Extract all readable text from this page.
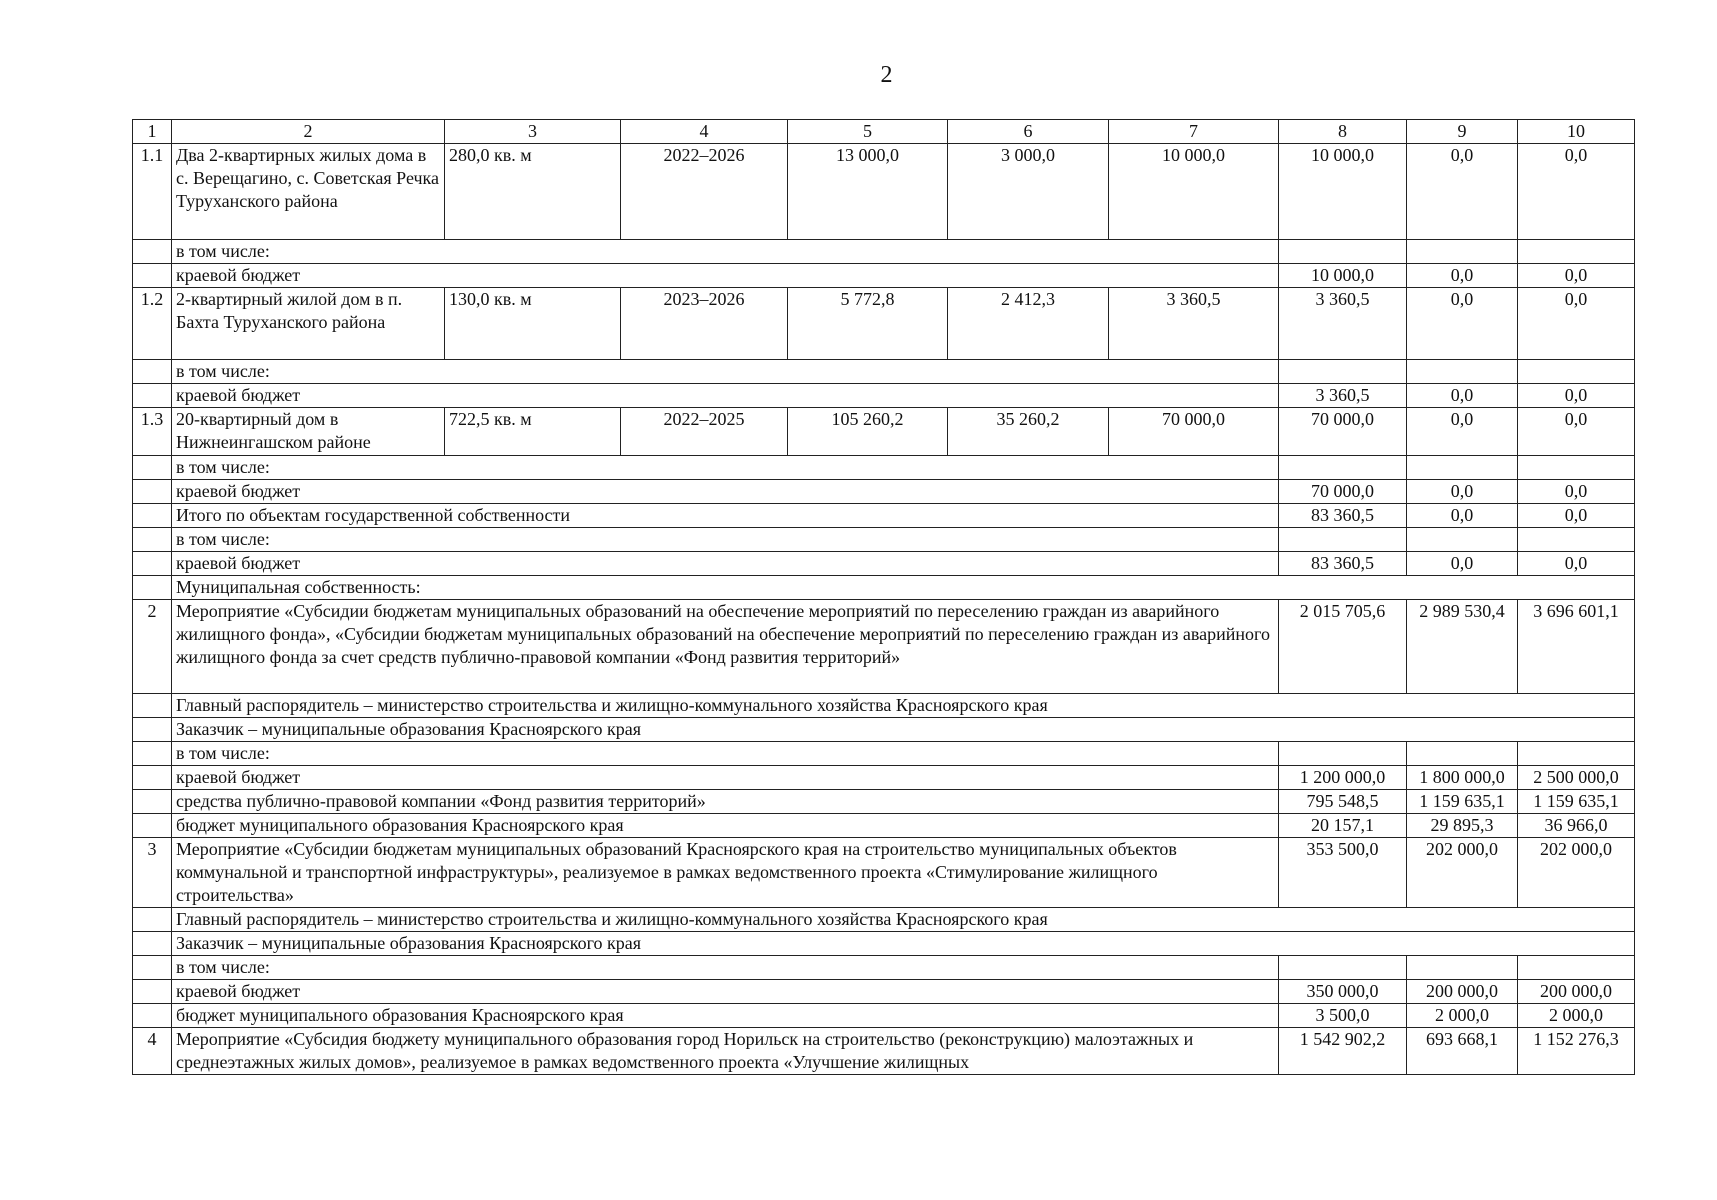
2
1	2	3	4	5	6	7	8	9	10
1.1	Два 2-квартирных жилых дома в с. Верещагино, с. Советская Речка Туруханского района	280,0 кв. м	2022–2026	13 000,0	3 000,0	10 000,0	10 000,0	0,0	0,0
	в том числе:								
	краевой бюджет						10 000,0	0,0	0,0
1.2	2-квартирный жилой дом в п. Бахта Туруханского района	130,0 кв. м	2023–2026	5 772,8	2 412,3	3 360,5	3 360,5	0,0	0,0
	в том числе:								
	краевой бюджет						3 360,5	0,0	0,0
1.3	20-квартирный дом в Нижнеингашском районе	722,5 кв. м	2022–2025	105 260,2	35 260,2	70 000,0	70 000,0	0,0	0,0
	в том числе:								
	краевой бюджет						70 000,0	0,0	0,0
	Итого по объектам государственной собственности						83 360,5	0,0	0,0
	в том числе:								
	краевой бюджет						83 360,5	0,0	0,0
	Муниципальная собственность:								
2	Мероприятие «Субсидии бюджетам муниципальных образований на обеспечение мероприятий по переселению граждан из аварийного жилищного фонда», «Субсидии бюджетам муниципальных образований на обеспечение мероприятий по переселению граждан из аварийного жилищного фонда за счет средств публично-правовой компании «Фонд развития территорий»						2 015 705,6	2 989 530,4	3 696 601,1
	Главный распорядитель – министерство строительства и жилищно-коммунального хозяйства Красноярского края								
	Заказчик – муниципальные образования Красноярского края								
	в том числе:								
	краевой бюджет						1 200 000,0	1 800 000,0	2 500 000,0
	средства публично-правовой компании «Фонд развития территорий»						795 548,5	1 159 635,1	1 159 635,1
	бюджет муниципального образования Красноярского края						20 157,1	29 895,3	36 966,0
3	Мероприятие «Субсидии бюджетам муниципальных образований Красноярского края на строительство муниципальных объектов коммунальной и транспортной инфраструктуры», реализуемое в рамках ведомственного проекта «Стимулирование жилищного строительства»						353 500,0	202 000,0	202 000,0
	Главный распорядитель – министерство строительства и жилищно-коммунального хозяйства Красноярского края								
	Заказчик – муниципальные образования Красноярского края								
	в том числе:								
	краевой бюджет						350 000,0	200 000,0	200 000,0
	бюджет муниципального образования Красноярского края						3 500,0	2 000,0	2 000,0
4	Мероприятие «Субсидия бюджету муниципального образования город Норильск на строительство (реконструкцию) малоэтажных и среднеэтажных жилых домов», реализуемое в рамках ведомственного проекта «Улучшение жилищных						1 542 902,2	693 668,1	1 152 276,3
